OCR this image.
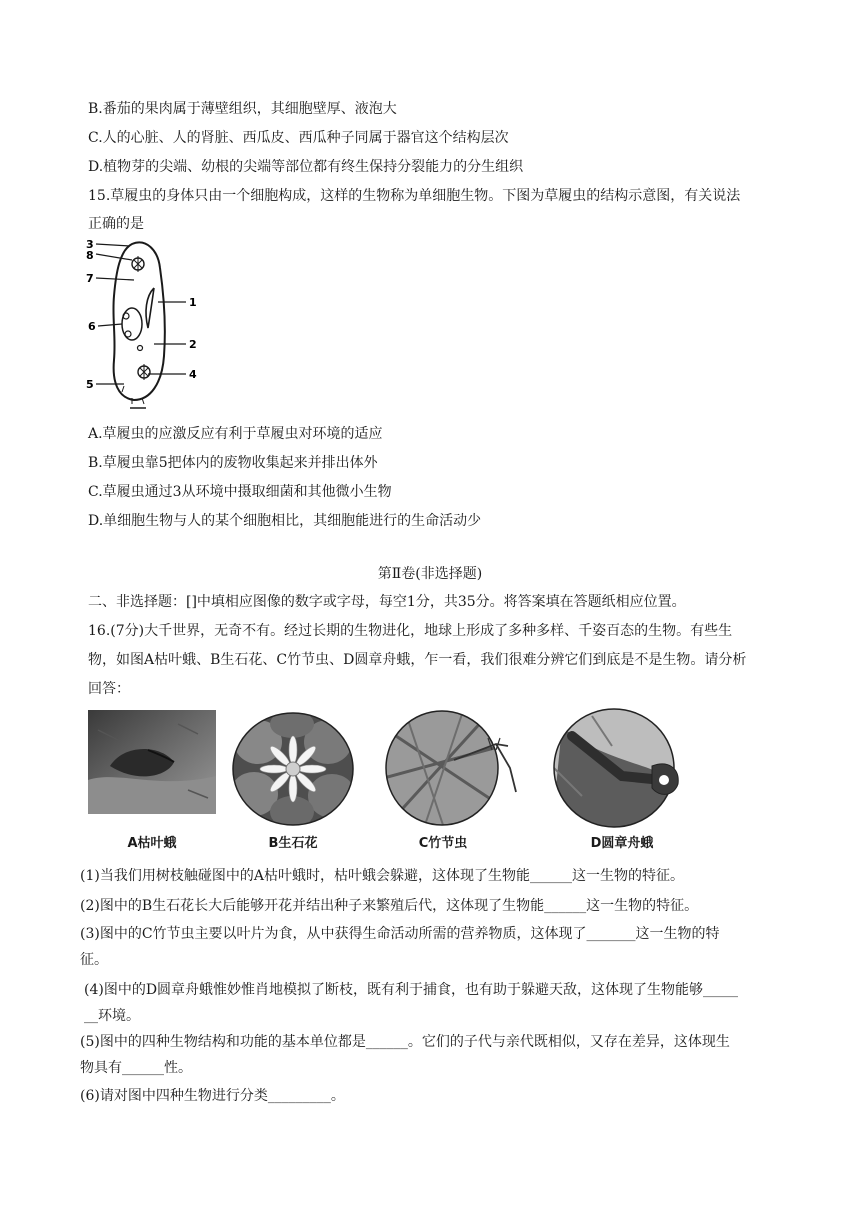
B.番茄的果肉属于薄壁组织，其细胞壁厚、液泡大
C.人的心脏、人的肾脏、西瓜皮、西瓜种子同属于器官这个结构层次
D.植物芽的尖端、幼根的尖端等部位都有终生保持分裂能力的分生组织
15.草履虫的身体只由一个细胞构成，这样的生物称为单细胞生物。下图为草履虫的结构示意图，有关说法
正确的是
3
8
7
6
5
1
2
4
A.草履虫的应激反应有利于草履虫对环境的适应
B.草履虫靠5把体内的废物收集起来并排出体外
C.草履虫通过3从环境中摄取细菌和其他微小生物
D.单细胞生物与人的某个细胞相比，其细胞能进行的生命活动少
第Ⅱ卷(非选择题)
二、非选择题：[]中填相应图像的数字或字母，每空1分，共35分。将答案填在答题纸相应位置。
16.(7分)大千世界，无奇不有。经过长期的生物进化，地球上形成了多种多样、千姿百态的生物。有些生
物，如图A枯叶蛾、B生石花、C竹节虫、D圆章舟蛾，乍一看，我们很难分辨它们到底是不是生物。请分析
回答：
A枯叶蛾	B生石花	C竹节虫	D圆章舟蛾
(1)当我们用树枝触碰图中的A枯叶蛾时，枯叶蛾会躲避，这体现了生物能______这一生物的特征。
(2)图中的B生石花长大后能够开花并结出种子来繁殖后代，这体现了生物能______这一生物的特征。
(3)图中的C竹节虫主要以叶片为食，从中获得生命活动所需的营养物质，这体现了_______这一生物的特
征。
(4)图中的D圆章舟蛾惟妙惟肖地模拟了断枝，既有利于捕食，也有助于躲避天敌，这体现了生物能够_____
__环境。
(5)图中的四种生物结构和功能的基本单位都是______。它们的子代与亲代既相似，又存在差异，这体现生
物具有______性。
(6)请对图中四种生物进行分类_________。
